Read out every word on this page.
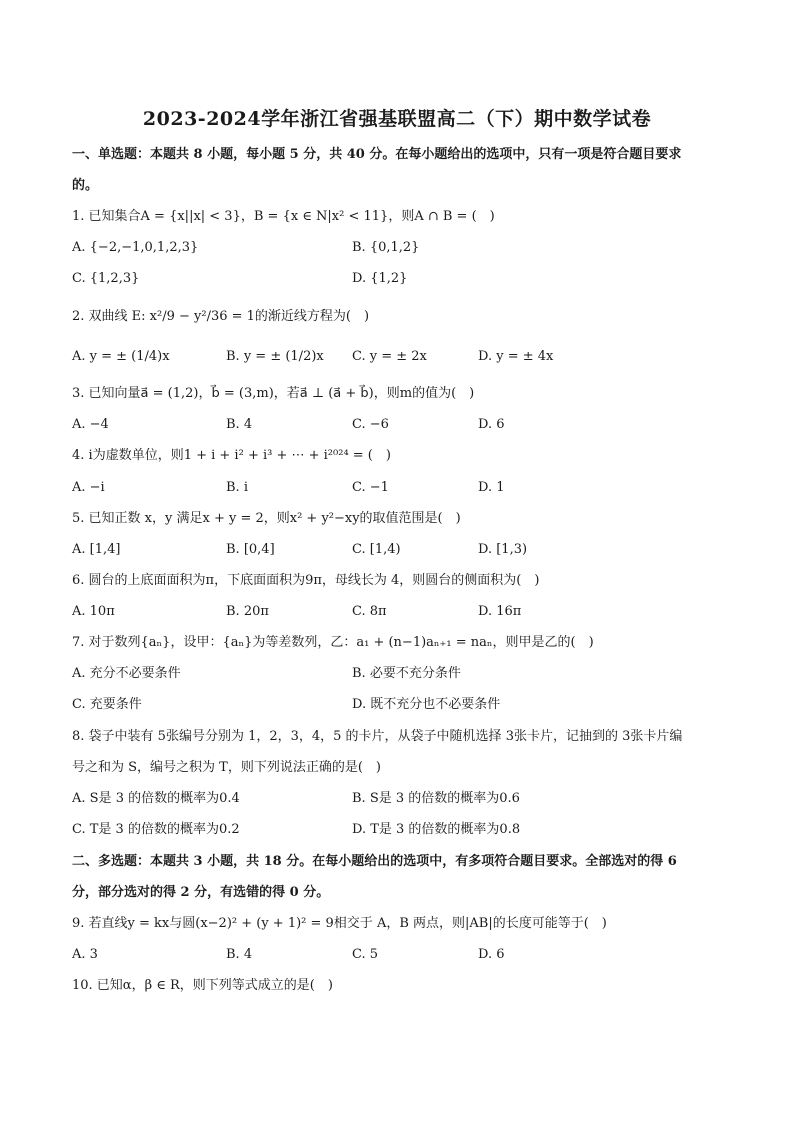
2023-2024学年浙江省强基联盟高二（下）期中数学试卷
一、单选题：本题共 8 小题，每小题 5 分，共 40 分。在每小题给出的选项中，只有一项是符合题目要求
的。
1. 已知集合A = {x||x| < 3}，B = {x ∈ N|x² < 11}，则A ∩ B = (　)
A. {−2,−1,0,1,2,3}	B. {0,1,2}
C. {1,2,3}	D. {1,2}
2. 双曲线 E: x²/9 − y²/36 = 1的渐近线方程为(　)
A. y = ± (1/4)x	B. y = ± (1/2)x C. y = ± 2x	D. y = ± 4x
3. 已知向量a⃗ = (1,2)，b⃗ = (3,m)，若a⃗ ⊥ (a⃗ + b⃗)，则m的值为(　)
A. −4	B. 4	C. −6	D. 6
4. i为虚数单位，则1 + i + i² + i³ + ⋯ + i²⁰²⁴ = (　)
A. −i	B. i	C. −1	D. 1
5. 已知正数 x，y 满足x + y = 2，则x² + y²−xy的取值范围是(　)
A. [1,4]	B. [0,4]	C. [1,4)	D. [1,3)
6. 圆台的上底面面积为π，下底面面积为9π，母线长为 4，则圆台的侧面积为(　)
A. 10π	B. 20π	C. 8π	D. 16π
7. 对于数列{aₙ}，设甲：{aₙ}为等差数列，乙：a₁ + (n−1)aₙ₊₁ = naₙ，则甲是乙的(　)
A. 充分不必要条件	B. 必要不充分条件
C. 充要条件	D. 既不充分也不必要条件
8. 袋子中装有 5张编号分别为 1，2，3，4，5 的卡片，从袋子中随机选择 3张卡片，记抽到的 3张卡片编
号之和为 S，编号之积为 T，则下列说法正确的是(　)
A. S是 3 的倍数的概率为0.4	B. S是 3 的倍数的概率为0.6
C. T是 3 的倍数的概率为0.2	D. T是 3 的倍数的概率为0.8
二、多选题：本题共 3 小题，共 18 分。在每小题给出的选项中，有多项符合题目要求。全部选对的得 6
分，部分选对的得 2 分，有选错的得 0 分。
9. 若直线y = kx与圆(x−2)² + (y + 1)² = 9相交于 A，B 两点，则|AB|的长度可能等于(　)
A. 3	B. 4	C. 5	D. 6
10. 已知α，β ∈ R，则下列等式成立的是(　)
